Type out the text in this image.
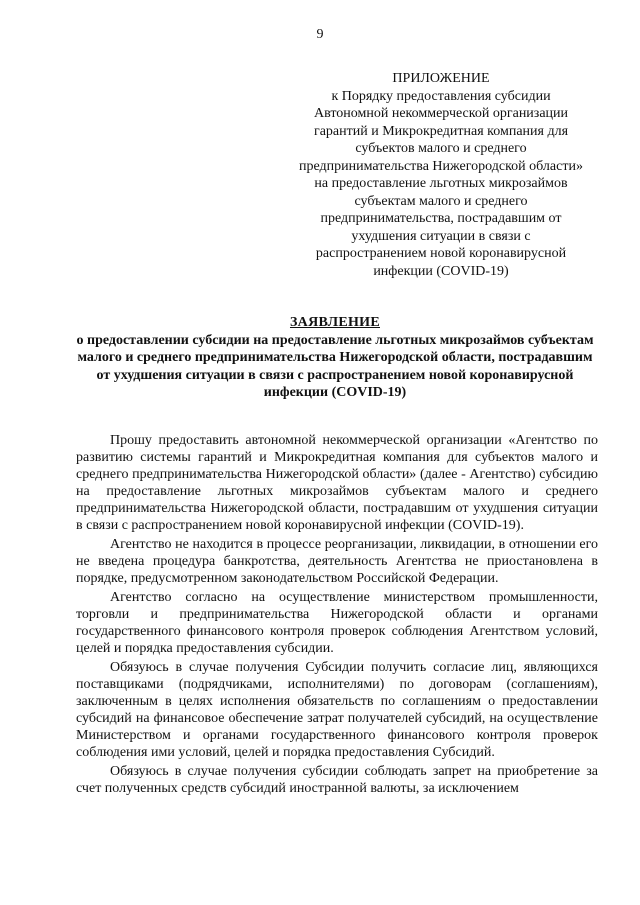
9
ПРИЛОЖЕНИЕ
к Порядку предоставления субсидии Автономной некоммерческой организации гарантий и Микрокредитная компания для субъектов малого и среднего предпринимательства Нижегородской области» на предоставление льготных микрозаймов субъектам малого и среднего предпринимательства, пострадавшим от ухудшения ситуации в связи с распространением новой коронавирусной инфекции (COVID-19)
ЗАЯВЛЕНИЕ
о предоставлении субсидии на предоставление льготных микрозаймов субъектам малого и среднего предпринимательства Нижегородской области, пострадавшим от ухудшения ситуации в связи с распространением новой коронавирусной инфекции (COVID-19)

Прошу предоставить автономной некоммерческой организации «Агентство по развитию системы гарантий и Микрокредитная компания для субъектов малого и среднего предпринимательства Нижегородской области» (далее - Агентство) субсидию на предоставление льготных микрозаймов субъектам малого и среднего предпринимательства Нижегородской области, пострадавшим от ухудшения ситуации в связи с распространением новой коронавирусной инфекции (COVID-19).

Агентство не находится в процессе реорганизации, ликвидации, в отношении его не введена процедура банкротства, деятельность Агентства не приостановлена в порядке, предусмотренном законодательством Российской Федерации.

Агентство согласно на осуществление министерством промышленности, торговли и предпринимательства Нижегородской области и органами государственного финансового контроля проверок соблюдения Агентством условий, целей и порядка предоставления субсидии.

Обязуюсь в случае получения Субсидии получить согласие лиц, являющихся поставщиками (подрядчиками, исполнителями) по договорам (соглашениям), заключенным в целях исполнения обязательств по соглашениям о предоставлении субсидий на финансовое обеспечение затрат получателей субсидий, на осуществление Министерством и органами государственного финансового контроля проверок соблюдения ими условий, целей и порядка предоставления Субсидий.

Обязуюсь в случае получения субсидии соблюдать запрет на приобретение за счет полученных средств субсидий иностранной валюты, за исключением
